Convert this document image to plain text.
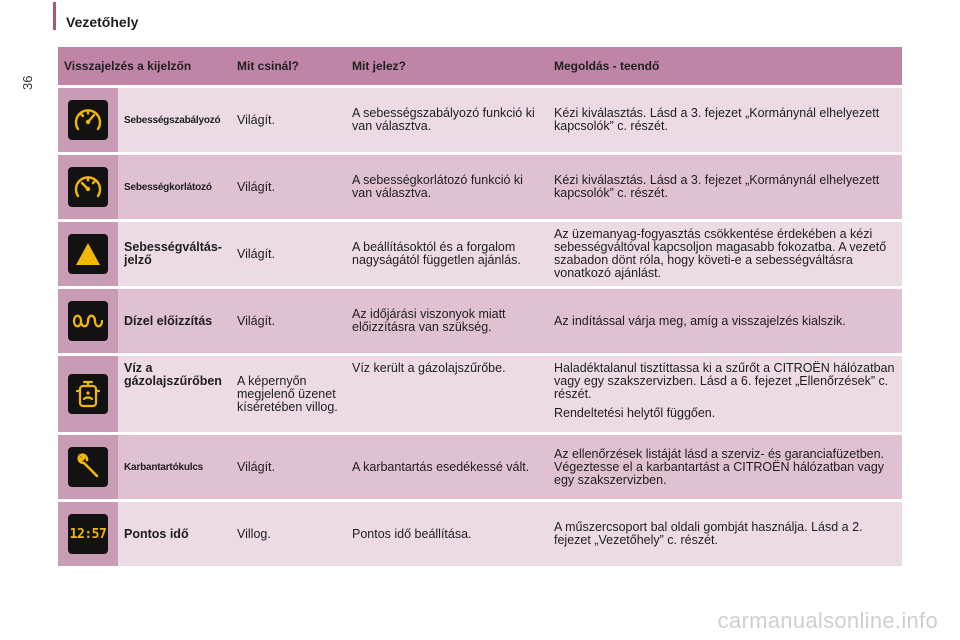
Vezetőhely
36
Visszajelzés a kijelzőn		Mit csinál?	Mit jelez?	Megoldás - teendő

	Sebességszabályozó	Világít.	A sebességszabályozó funkció ki van választva.	Kézi kiválasztás. Lásd a 3. fejezet „Kormánynál elhelyezett kapcsolók” c. részét.

	Sebességkorlátozó	Világít.	A sebességkorlátozó funkció ki van választva.	Kézi kiválasztás. Lásd a 3. fejezet „Kormánynál elhelyezett kapcsolók” c. részét.

	Sebességváltás-jelző	Világít.	A beállításoktól és a forgalom nagyságától független ajánlás.	Az üzemanyag-fogyasztás csökkentése érdekében a kézi sebességváltóval kapcsoljon magasabb fokozatba. A vezető szabadon dönt róla, hogy követi-e a sebességváltásra vonatkozó ajánlást.

	Dízel előizzítás	Világít.	Az időjárási viszonyok miatt előizzításra van szükség.	Az indítással várja meg, amíg a visszajelzés kialszik.

	Víz a gázolajszűrőben	A képernyőn megjelenő üzenet kíséretében villog.	Víz került a gázolajszűrőbe.	Haladéktalanul tisztíttassa ki a szűrőt a CITROËN hálózatban vagy egy szakszervizben. Lásd a 6. fejezet „Ellenőrzések” c. részét.
Rendeltetési helytől függően.

	Karbantartókulcs	Világít.	A karbantartás esedékessé vált.	Az ellenőrzések listáját lásd a szerviz- és garanciafüzetben. Végeztesse el a karbantartást a CITROËN hálózatban vagy egy szakszervizben.

12:57	Pontos idő	Villog.	Pontos idő beállítása.	A műszercsoport bal oldali gombját használja. Lásd a 2. fejezet „Vezetőhely” c. részét.
carmanualsonline.info
